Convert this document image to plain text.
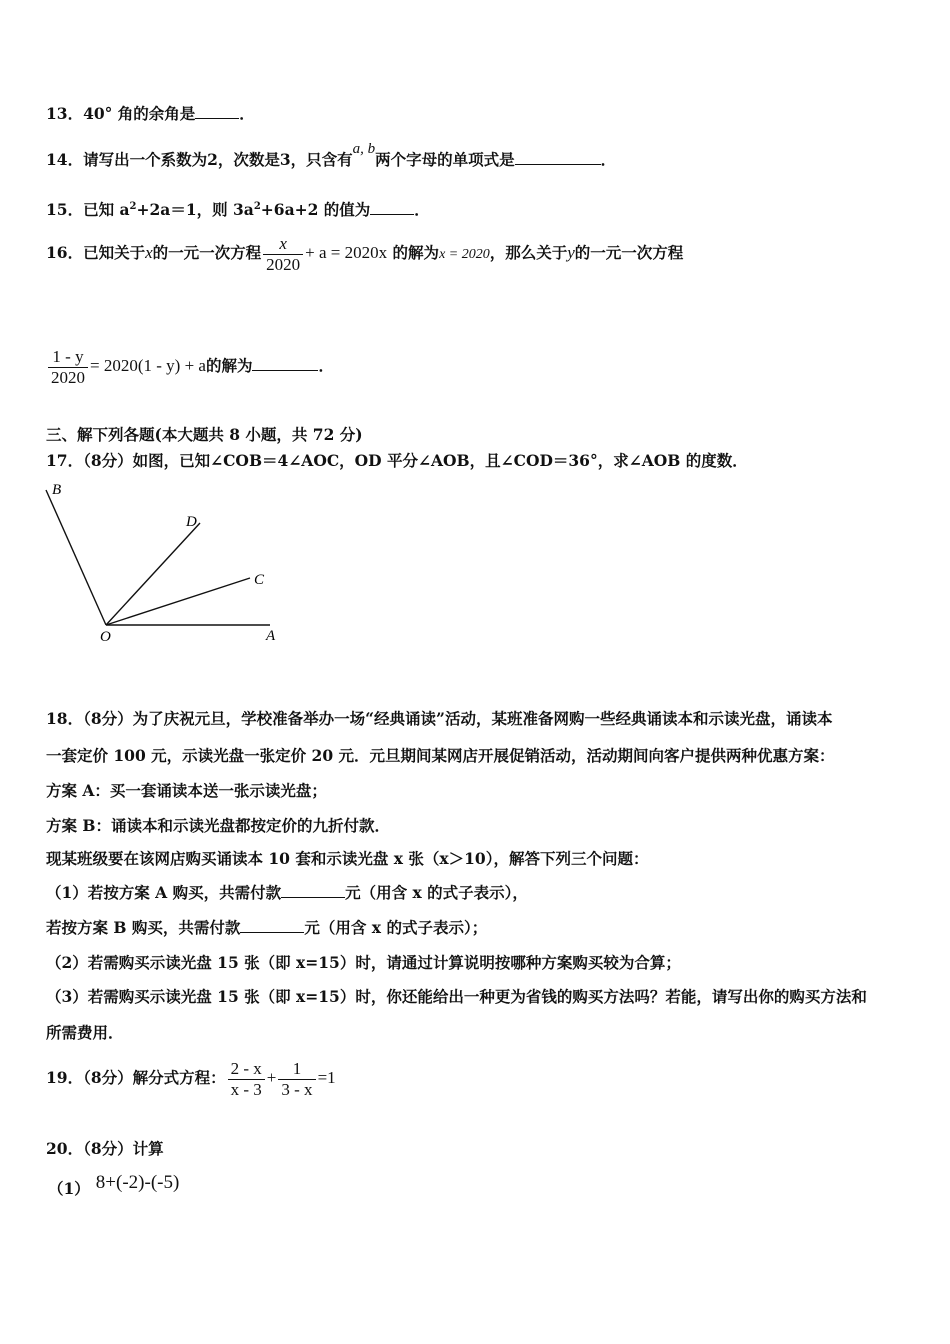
13．40° 角的余角是	．
14．请写出一个系数为2，次数是3，只含有a, b两个字母的单项式是	．
15．已知 $a^2+2a=1$，则 $3a^2+6a+2$ 的值为	．
16．已知关于x的一元一次方程 $\frac{x}{2020} + a = 2020x$ 的解为x = 2020，那么关于y的一元一次方程
$\frac{1 - y}{2020} = 2020(1 - y) + a$的解为	．
三、解下列各题(本大题共 8 小题，共 72 分)
17．（8分）如图，已知∠COB＝4∠AOC，OD 平分∠AOB，且∠COD＝36°，求∠AOB 的度数．
B
D
C
O	A
18．（8分）为了庆祝元旦，学校准备举办一场“经典诵读”活动，某班准备网购一些经典诵读本和示读光盘，诵读本
一套定价 100 元，示读光盘一张定价 20 元．元旦期间某网店开展促销活动，活动期间向客户提供两种优惠方案：
方案 A：买一套诵读本送一张示读光盘；
方案 B：诵读本和示读光盘都按定价的九折付款．
现某班级要在该网店购买诵读本 10 套和示读光盘 x 张（x＞10），解答下列三个问题：
（1）若按方案 A 购买，共需付款	元（用含 x 的式子表示），
若按方案 B 购买，共需付款	元（用含 x 的式子表示）；
（2）若需购买示读光盘 15 张（即 x=15）时，请通过计算说明按哪种方案购买较为合算；
（3）若需购买示读光盘 15 张（即 x=15）时，你还能给出一种更为省钱的购买方法吗？若能，请写出你的购买方法和
所需费用．
19．（8分）解分式方程： $\frac{2 - x}{x - 3} + \frac{1}{3 - x} =1$
20．（8分）计算
（1） 8+(-2)-(-5)
